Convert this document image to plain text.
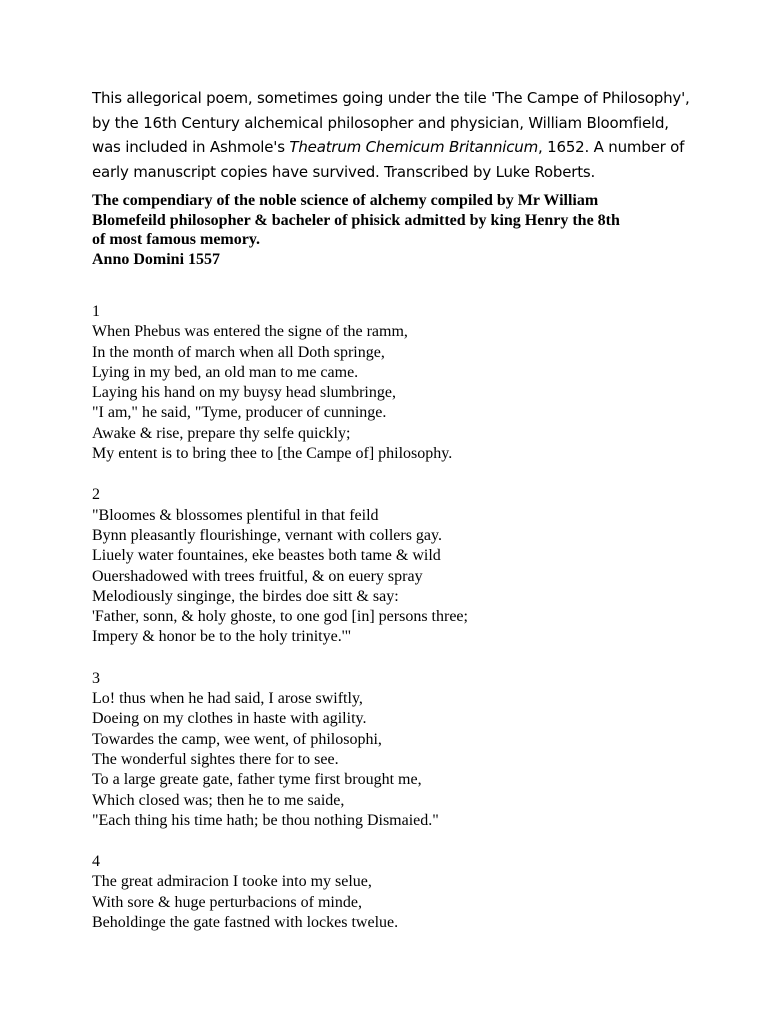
This allegorical poem, sometimes going under the tile 'The Campe of Philosophy',
by the 16th Century alchemical philosopher and physician, William Bloomfield,
was included in Ashmole's Theatrum Chemicum Britannicum, 1652. A number of
early manuscript copies have survived. Transcribed by Luke Roberts.
The compendiary of the noble science of alchemy compiled by Mr William
Blomefeild philosopher & bacheler of phisick admitted by king Henry the 8th
of most famous memory.
Anno Domini 1557
1
When Phebus was entered the signe of the ramm,
In the month of march when all Doth springe,
Lying in my bed, an old man to me came.
Laying his hand on my buysy head slumbringe,
"I am," he said, "Tyme, producer of cunninge.
Awake & rise, prepare thy selfe quickly;
My entent is to bring thee to [the Campe of] philosophy.
2
"Bloomes & blossomes plentiful in that feild
Bynn pleasantly flourishinge, vernant with collers gay.
Liuely water fountaines, eke beastes both tame & wild
Ouershadowed with trees fruitful, & on euery spray
Melodiously singinge, the birdes doe sitt & say:
'Father, sonn, & holy ghoste, to one god [in] persons three;
Impery & honor be to the holy trinitye.'"
3
Lo! thus when he had said, I arose swiftly,
Doeing on my clothes in haste with agility.
Towardes the camp, wee went, of philosophi,
The wonderful sightes there for to see.
To a large greate gate, father tyme first brought me,
Which closed was; then he to me saide,
"Each thing his time hath; be thou nothing Dismaied."
4
The great admiracion I tooke into my selue,
With sore & huge perturbacions of minde,
Beholdinge the gate fastned with lockes twelue.
